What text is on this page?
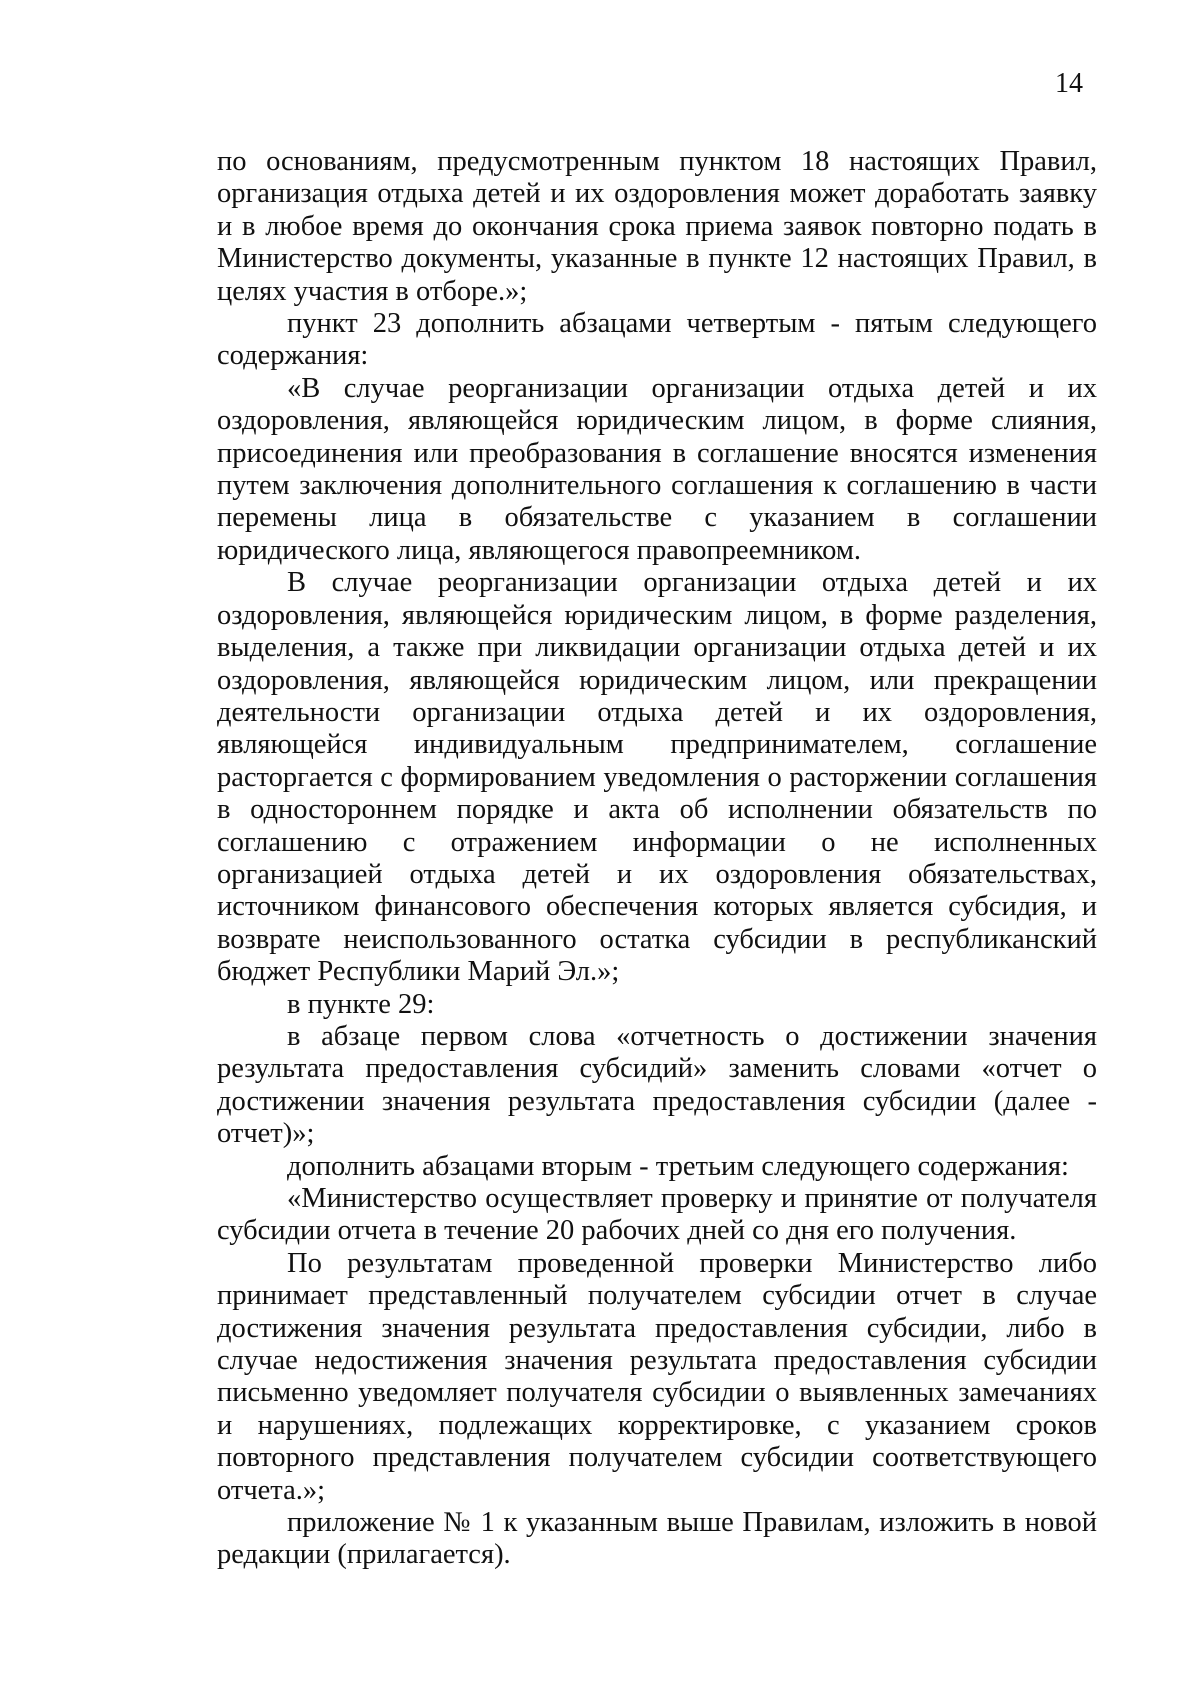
14

по основаниям, предусмотренным пунктом 18 настоящих Правил, организация отдыха детей и их оздоровления может доработать заявку и в любое время до окончания срока приема заявок повторно подать в Министерство документы, указанные в пункте 12 настоящих Правил, в целях участия в отборе.»;

пункт 23 дополнить абзацами четвертым - пятым следующего содержания:

«В случае реорганизации организации отдыха детей и их оздоровления, являющейся юридическим лицом, в форме слияния, присоединения или преобразования в соглашение вносятся изменения путем заключения дополнительного соглашения к соглашению в части перемены лица в обязательстве с указанием в соглашении юридического лица, являющегося правопреемником.

В случае реорганизации организации отдыха детей и их оздоровления, являющейся юридическим лицом, в форме разделения, выделения, а также при ликвидации организации отдыха детей и их оздоровления, являющейся юридическим лицом, или прекращении деятельности организации отдыха детей и их оздоровления, являющейся индивидуальным предпринимателем, соглашение расторгается с формированием уведомления о расторжении соглашения в одностороннем порядке и акта об исполнении обязательств по соглашению с отражением информации о не исполненных организацией отдыха детей и их оздоровления обязательствах, источником финансового обеспечения которых является субсидия, и возврате неиспользованного остатка субсидии в республиканский бюджет Республики Марий Эл.»;

в пункте 29:

в абзаце первом слова «отчетность о достижении значения результата предоставления субсидий» заменить словами «отчет о достижении значения результата предоставления субсидии (далее - отчет)»;

дополнить абзацами вторым - третьим следующего содержания:

«Министерство осуществляет проверку и принятие от получателя субсидии отчета в течение 20 рабочих дней со дня его получения.

По результатам проведенной проверки Министерство либо принимает представленный получателем субсидии отчет в случае достижения значения результата предоставления субсидии, либо в случае недостижения значения результата предоставления субсидии письменно уведомляет получателя субсидии о выявленных замечаниях и нарушениях, подлежащих корректировке, с указанием сроков повторного представления получателем субсидии соответствующего отчета.»;

приложение № 1 к указанным выше Правилам, изложить в новой редакции (прилагается).
